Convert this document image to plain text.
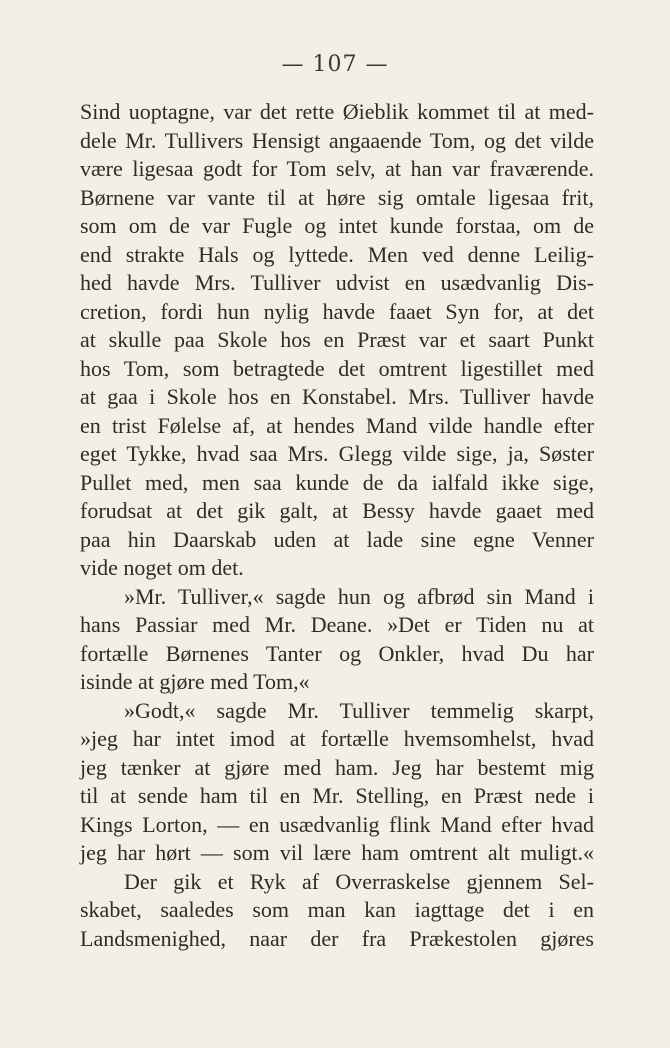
— 107 —
Sind uoptagne, var det rette Øieblik kommet til at med-
dele Mr. Tullivers Hensigt angaaende Tom, og det vilde
være ligesaa godt for Tom selv, at han var fraværende.
Børnene var vante til at høre sig omtale ligesaa frit,
som om de var Fugle og intet kunde forstaa, om de
end strakte Hals og lyttede. Men ved denne Leilig-
hed havde Mrs. Tulliver udvist en usædvanlig Dis-
cretion, fordi hun nylig havde faaet Syn for, at det
at skulle paa Skole hos en Præst var et saart Punkt
hos Tom, som betragtede det omtrent ligestillet med
at gaa i Skole hos en Konstabel. Mrs. Tulliver havde
en trist Følelse af, at hendes Mand vilde handle efter
eget Tykke, hvad saa Mrs. Glegg vilde sige, ja, Søster
Pullet med, men saa kunde de da ialfald ikke sige,
forudsat at det gik galt, at Bessy havde gaaet med
paa hin Daarskab uden at lade sine egne Venner
vide noget om det.
»Mr. Tulliver,« sagde hun og afbrød sin Mand i
hans Passiar med Mr. Deane. »Det er Tiden nu at
fortælle Børnenes Tanter og Onkler, hvad Du har
isinde at gjøre med Tom,«
»Godt,« sagde Mr. Tulliver temmelig skarpt,
»jeg har intet imod at fortælle hvemsomhelst, hvad
jeg tænker at gjøre med ham. Jeg har bestemt mig
til at sende ham til en Mr. Stelling, en Præst nede i
Kings Lorton, — en usædvanlig flink Mand efter hvad
jeg har hørt — som vil lære ham omtrent alt muligt.«
Der gik et Ryk af Overraskelse gjennem Sel-
skabet, saaledes som man kan iagttage det i en
Landsmenighed, naar der fra Prækestolen gjøres
